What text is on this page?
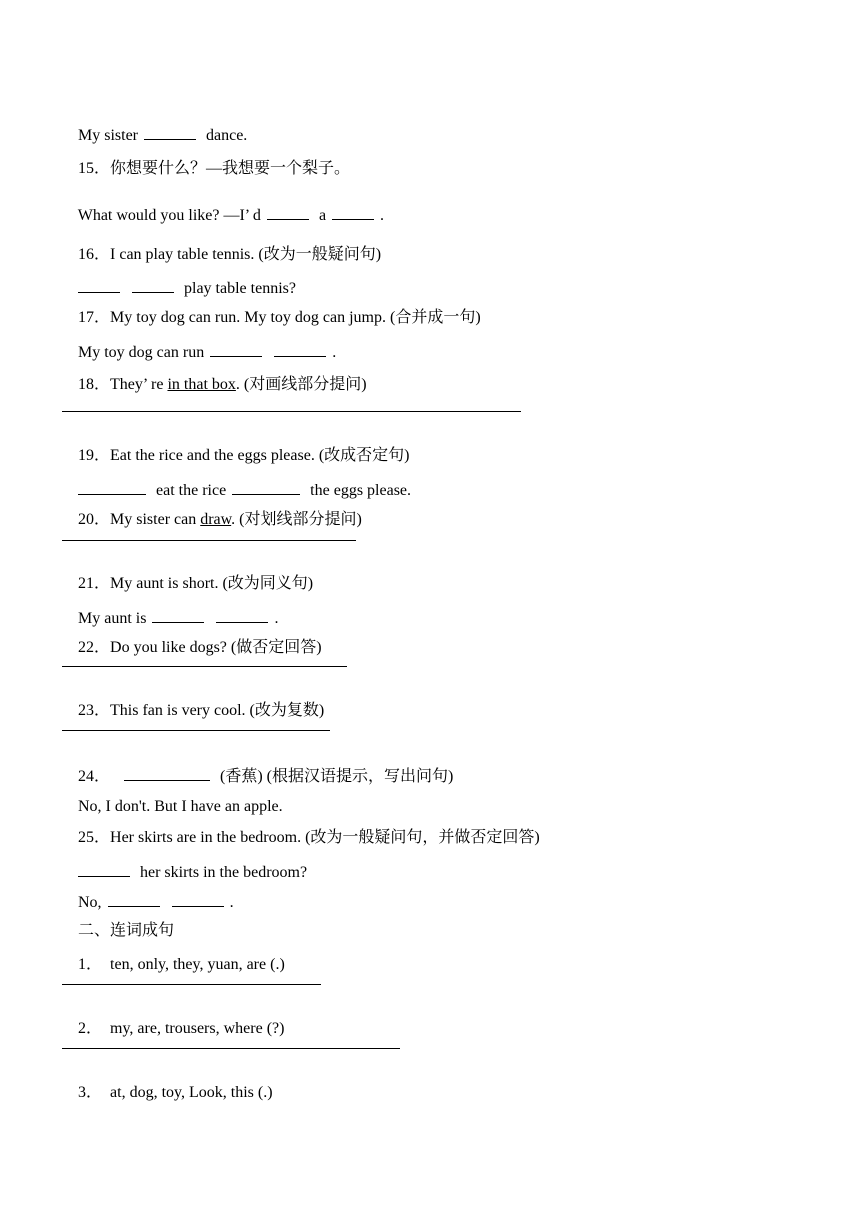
My sister	dance.

15．你想要什么？—我想要一个梨子。

What would you like? —I’ d	a	.

16．I can play table tennis. (改为一般疑问句)

play table tennis?

17．My toy dog can run. My toy dog can jump. (合并成一句)

My toy dog can run	.

18．They’ re in that box. (对画线部分提问)

19．Eat the rice and the eggs please. (改成否定句)

eat the rice	the eggs please.

20．My sister can draw. (对划线部分提问)

21．My aunt is short. (改为同义句)

My aunt is	.

22．Do you like dogs? (做否定回答)

23．This fan is very cool. (改为复数)

24．	(香蕉) (根据汉语提示，写出问句)

No, I don't. But I have an apple.

25．Her skirts are in the bedroom. (改为一般疑问句，并做否定回答)

her skirts in the bedroom?

No,	.

二、连词成句

1． ten, only, they, yuan, are (.)

2． my, are, trousers, where (?)

3． at, dog, toy, Look, this (.)
